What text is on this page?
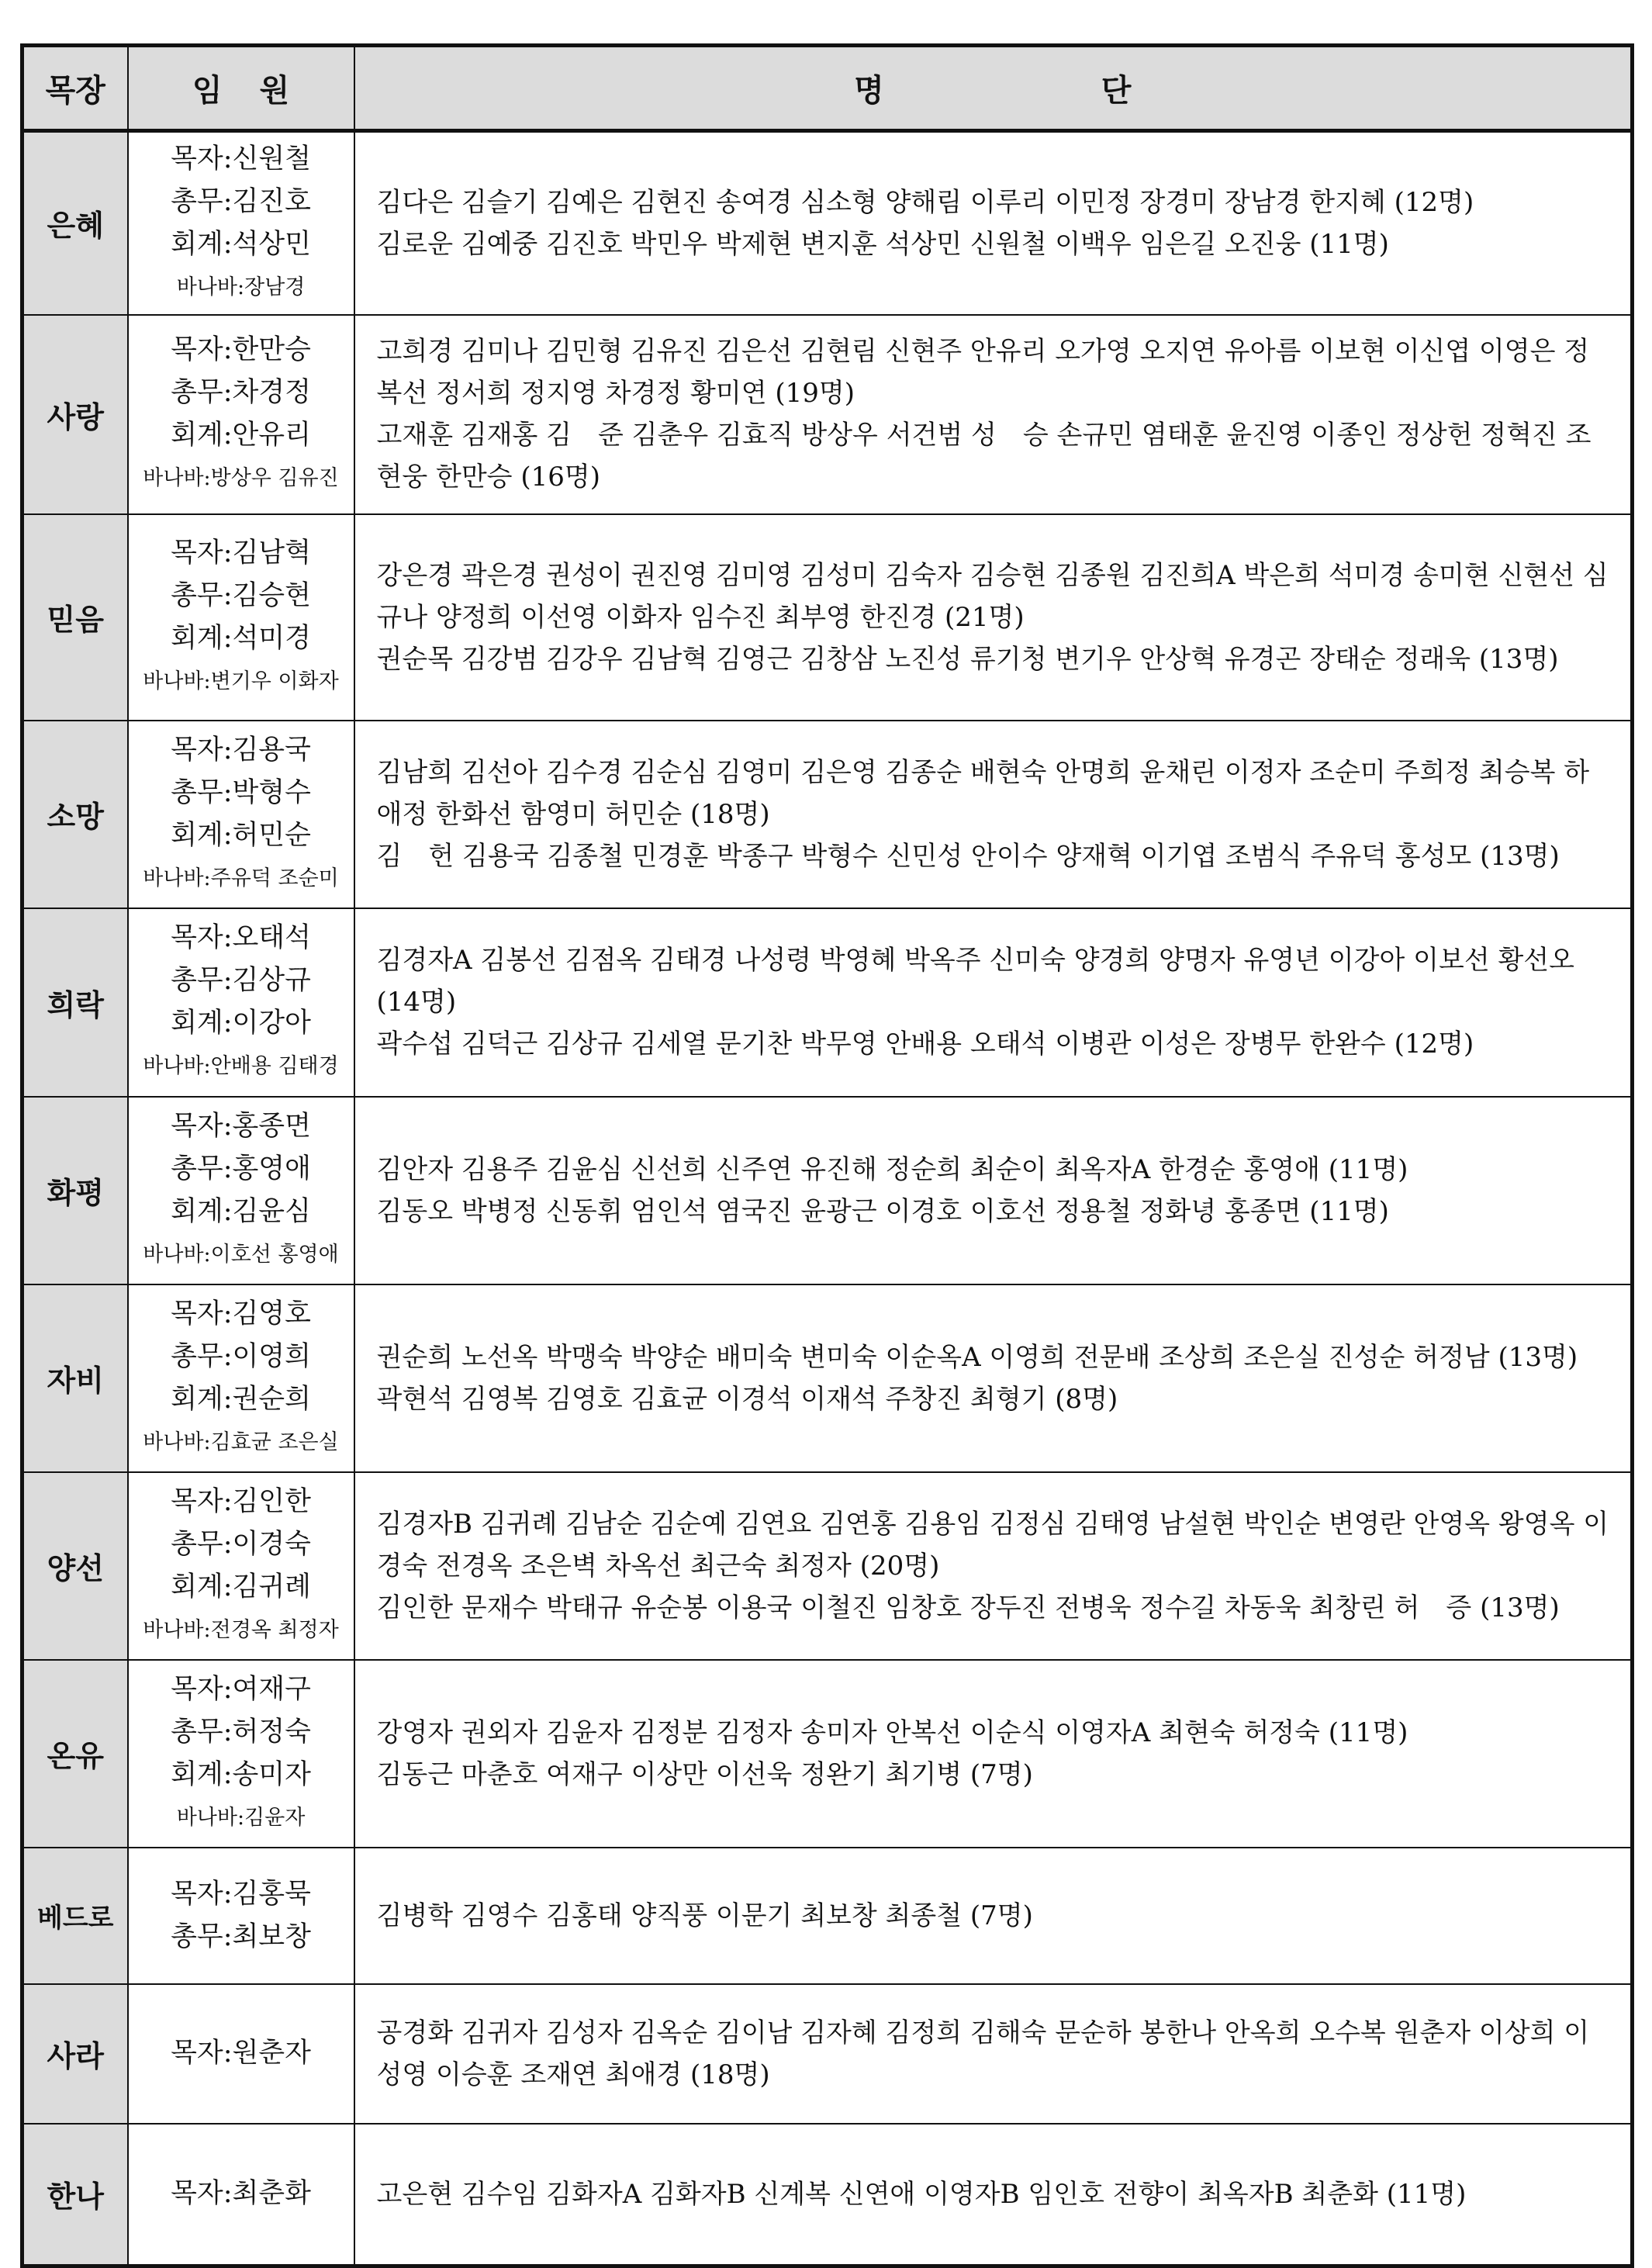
목장	임 원	명 단
은혜	목자:신원철
총무:김진호
회계:석상민
바나바:장남경	김다은 김슬기 김예은 김현진 송여경 심소형 양해림 이루리 이민정 장경미 장남경 한지혜 (12명)
김로운 김예중 김진호 박민우 박제현 변지훈 석상민 신원철 이백우 임은길 오진웅 (11명)

사랑	목자:한만승
총무:차경정
회계:안유리
바나바:방상우 김유진	고희경 김미나 김민형 김유진 김은선 김현림 신현주 안유리 오가영 오지연 유아름 이보현 이신엽 이영은 정복선 정서희 정지영 차경정 황미연 (19명)
고재훈 김재홍 김　준 김춘우 김효직 방상우 서건범 성　승 손규민 염태훈 윤진영 이종인 정상헌 정혁진 조현웅 한만승 (16명)

믿음	목자:김남혁
총무:김승현
회계:석미경
바나바:변기우 이화자	강은경 곽은경 권성이 권진영 김미영 김성미 김숙자 김승현 김종원 김진희A 박은희 석미경 송미현 신현선 심규나 양정희 이선영 이화자 임수진 최부영 한진경 (21명)
권순목 김강범 김강우 김남혁 김영근 김창삼 노진성 류기청 변기우 안상혁 유경곤 장태순 정래욱 (13명)

소망	목자:김용국
총무:박형수
회계:허민순
바나바:주유덕 조순미	김남희 김선아 김수경 김순심 김영미 김은영 김종순 배현숙 안명희 윤채린 이정자 조순미 주희정 최승복 하애정 한화선 함영미 허민순 (18명)
김　헌 김용국 김종철 민경훈 박종구 박형수 신민성 안이수 양재혁 이기엽 조범식 주유덕 홍성모 (13명)

희락	목자:오태석
총무:김상규
회계:이강아
바나바:안배용 김태경	김경자A 김봉선 김점옥 김태경 나성령 박영혜 박옥주 신미숙 양경희 양명자 유영년 이강아 이보선 황선오 (14명)
곽수섭 김덕근 김상규 김세열 문기찬 박무영 안배용 오태석 이병관 이성은 장병무 한완수 (12명)

화평	목자:홍종면
총무:홍영애
회계:김윤심
바나바:이호선 홍영애	김안자 김용주 김윤심 신선희 신주연 유진해 정순희 최순이 최옥자A 한경순 홍영애 (11명)
김동오 박병정 신동휘 엄인석 염국진 윤광근 이경호 이호선 정용철 정화녕 홍종면 (11명)

자비	목자:김영호
총무:이영희
회계:권순희
바나바:김효균 조은실	권순희 노선옥 박맹숙 박양순 배미숙 변미숙 이순옥A 이영희 전문배 조상희 조은실 진성순 허정남 (13명)
곽현석 김영복 김영호 김효균 이경석 이재석 주창진 최형기 (8명)

양선	목자:김인한
총무:이경숙
회계:김귀례
바나바:전경옥 최정자	김경자B 김귀례 김남순 김순예 김연요 김연홍 김용임 김정심 김태영 남설현 박인순 변영란 안영옥 왕영옥 이경숙 전경옥 조은벽 차옥선 최근숙 최정자 (20명)
김인한 문재수 박태규 유순봉 이용국 이철진 임창호 장두진 전병욱 정수길 차동욱 최창린 허　증 (13명)

온유	목자:여재구
총무:허정숙
회계:송미자
바나바:김윤자	강영자 권외자 김윤자 김정분 김정자 송미자 안복선 이순식 이영자A 최현숙 허정숙 (11명)
김동근 마춘호 여재구 이상만 이선욱 정완기 최기병 (7명)

베드로	목자:김홍묵
총무:최보창	김병학 김영수 김홍태 양직풍 이문기 최보창 최종철 (7명)

사라	목자:원춘자	공경화 김귀자 김성자 김옥순 김이남 김자혜 김정희 김해숙 문순하 봉한나 안옥희 오수복 원춘자 이상희 이성영 이승훈 조재연 최애경 (18명)

한나	목자:최춘화	고은현 김수임 김화자A 김화자B 신계복 신연애 이영자B 임인호 전향이 최옥자B 최춘화 (11명)
